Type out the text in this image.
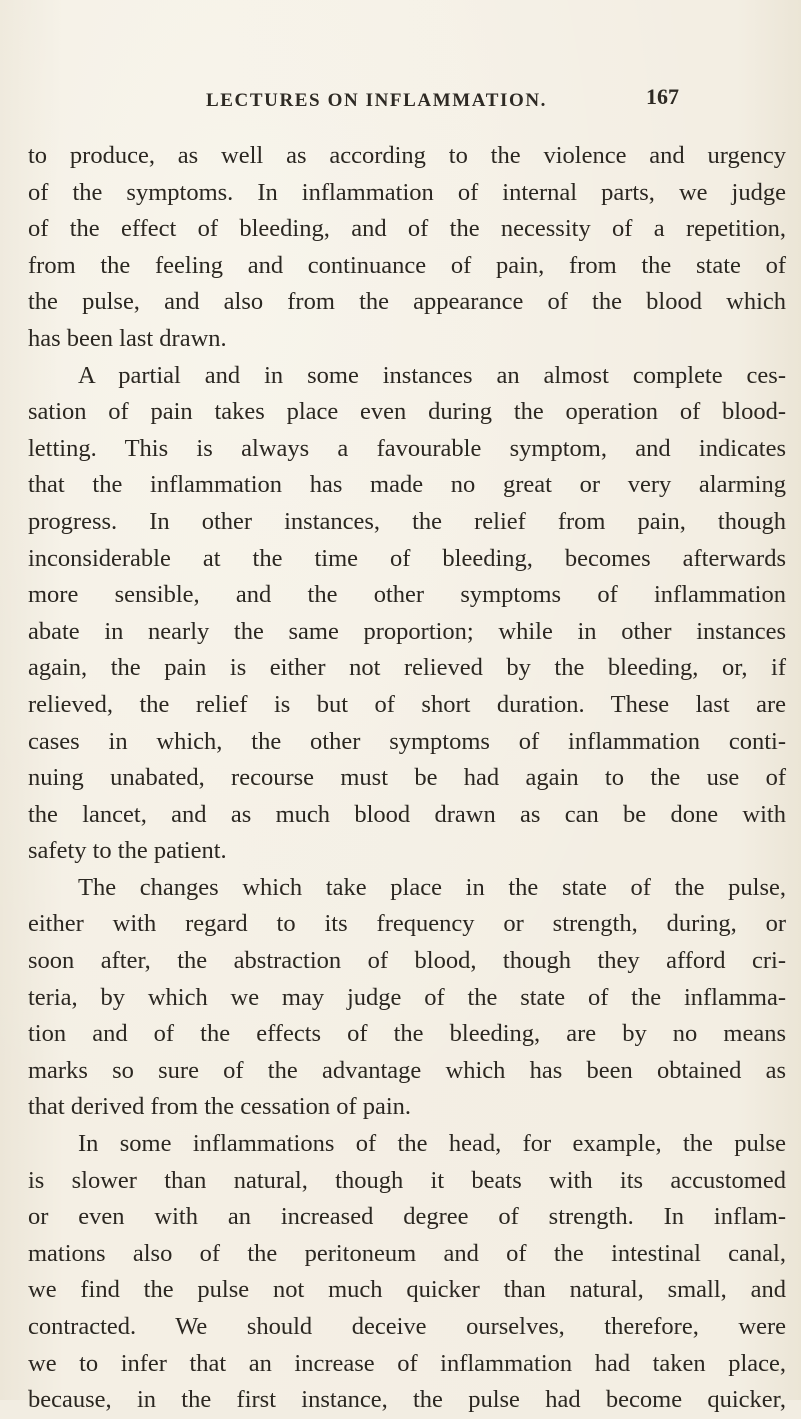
LECTURES ON INFLAMMATION.	167
to produce, as well as according to the violence and urgency
of the symptoms. In inflammation of internal parts, we judge
of the effect of bleeding, and of the necessity of a repetition,
from the feeling and continuance of pain, from the state of
the pulse, and also from the appearance of the blood which
has been last drawn.
A partial and in some instances an almost complete ces-
sation of pain takes place even during the operation of blood-
letting. This is always a favourable symptom, and indicates
that the inflammation has made no great or very alarming
progress. In other instances, the relief from pain, though
inconsiderable at the time of bleeding, becomes afterwards
more sensible, and the other symptoms of inflammation
abate in nearly the same proportion; while in other instances
again, the pain is either not relieved by the bleeding, or, if
relieved, the relief is but of short duration. These last are
cases in which, the other symptoms of inflammation conti-
nuing unabated, recourse must be had again to the use of
the lancet, and as much blood drawn as can be done with
safety to the patient.
The changes which take place in the state of the pulse,
either with regard to its frequency or strength, during, or
soon after, the abstraction of blood, though they afford cri-
teria, by which we may judge of the state of the inflamma-
tion and of the effects of the bleeding, are by no means
marks so sure of the advantage which has been obtained as
that derived from the cessation of pain.
In some inflammations of the head, for example, the pulse
is slower than natural, though it beats with its accustomed
or even with an increased degree of strength. In inflam-
mations also of the peritoneum and of the intestinal canal,
we find the pulse not much quicker than natural, small, and
contracted. We should deceive ourselves, therefore, were
we to infer that an increase of inflammation had taken place,
because, in the first instance, the pulse had become quicker,
